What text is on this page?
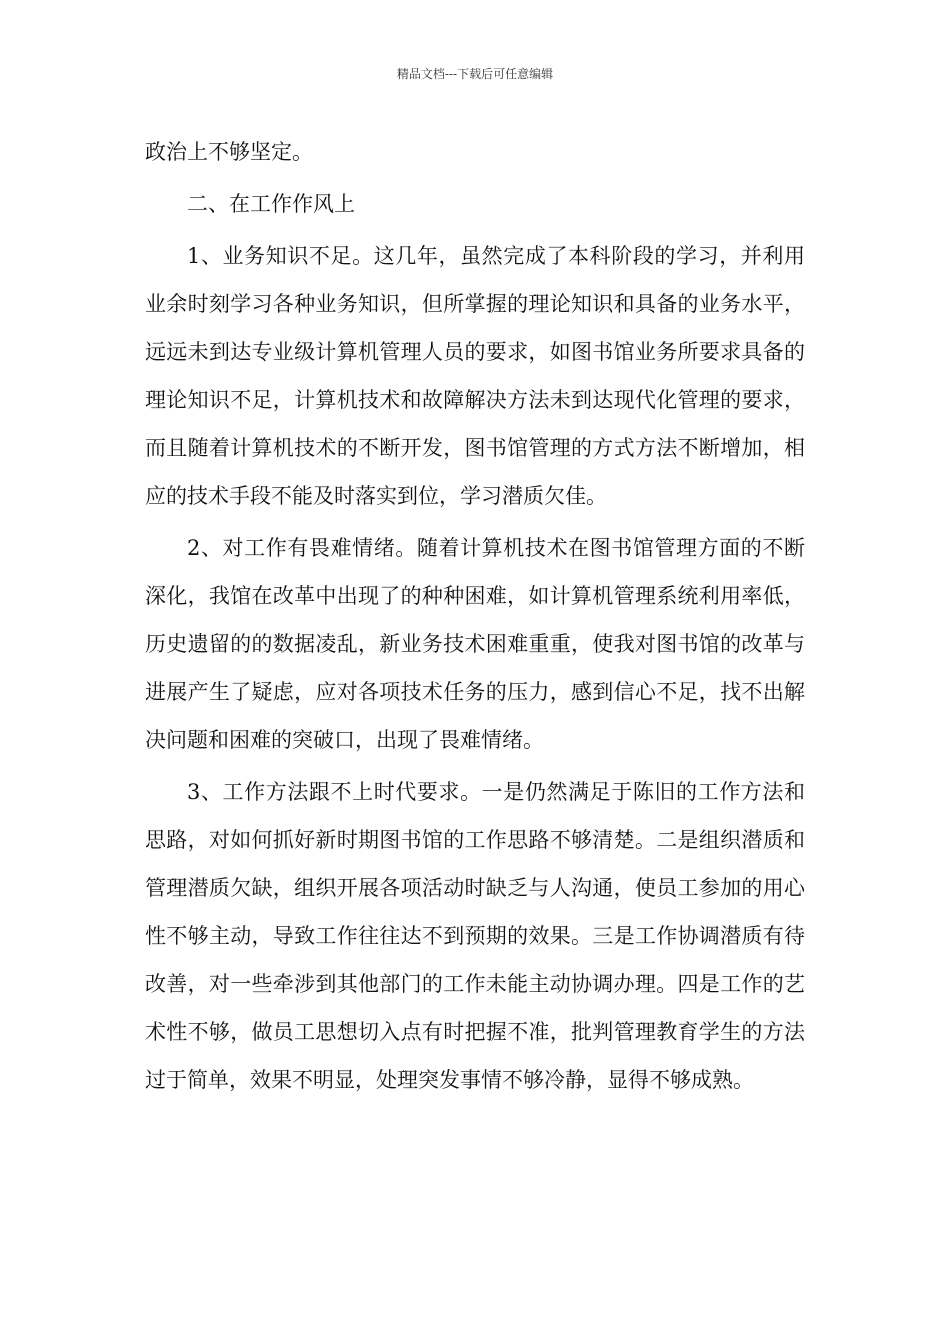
精品文档---下载后可任意编辑

政治上不够坚定。

二、在工作作风上

1、业务知识不足。这几年，虽然完成了本科阶段的学习，并利用业余时刻学习各种业务知识，但所掌握的理论知识和具备的业务水平，远远未到达专业级计算机管理人员的要求，如图书馆业务所要求具备的理论知识不足，计算机技术和故障解决方法未到达现代化管理的要求，而且随着计算机技术的不断开发，图书馆管理的方式方法不断增加，相应的技术手段不能及时落实到位，学习潜质欠佳。

2、对工作有畏难情绪。随着计算机技术在图书馆管理方面的不断深化，我馆在改革中出现了的种种困难，如计算机管理系统利用率低，历史遗留的的数据凌乱，新业务技术困难重重，使我对图书馆的改革与进展产生了疑虑，应对各项技术任务的压力，感到信心不足，找不出解决问题和困难的突破口，出现了畏难情绪。

3、工作方法跟不上时代要求。一是仍然满足于陈旧的工作方法和思路，对如何抓好新时期图书馆的工作思路不够清楚。二是组织潜质和管理潜质欠缺，组织开展各项活动时缺乏与人沟通，使员工参加的用心性不够主动，导致工作往往达不到预期的效果。三是工作协调潜质有待改善，对一些牵涉到其他部门的工作未能主动协调办理。四是工作的艺术性不够，做员工思想切入点有时把握不准，批判管理教育学生的方法过于简单，效果不明显，处理突发事情不够冷静，显得不够成熟。
